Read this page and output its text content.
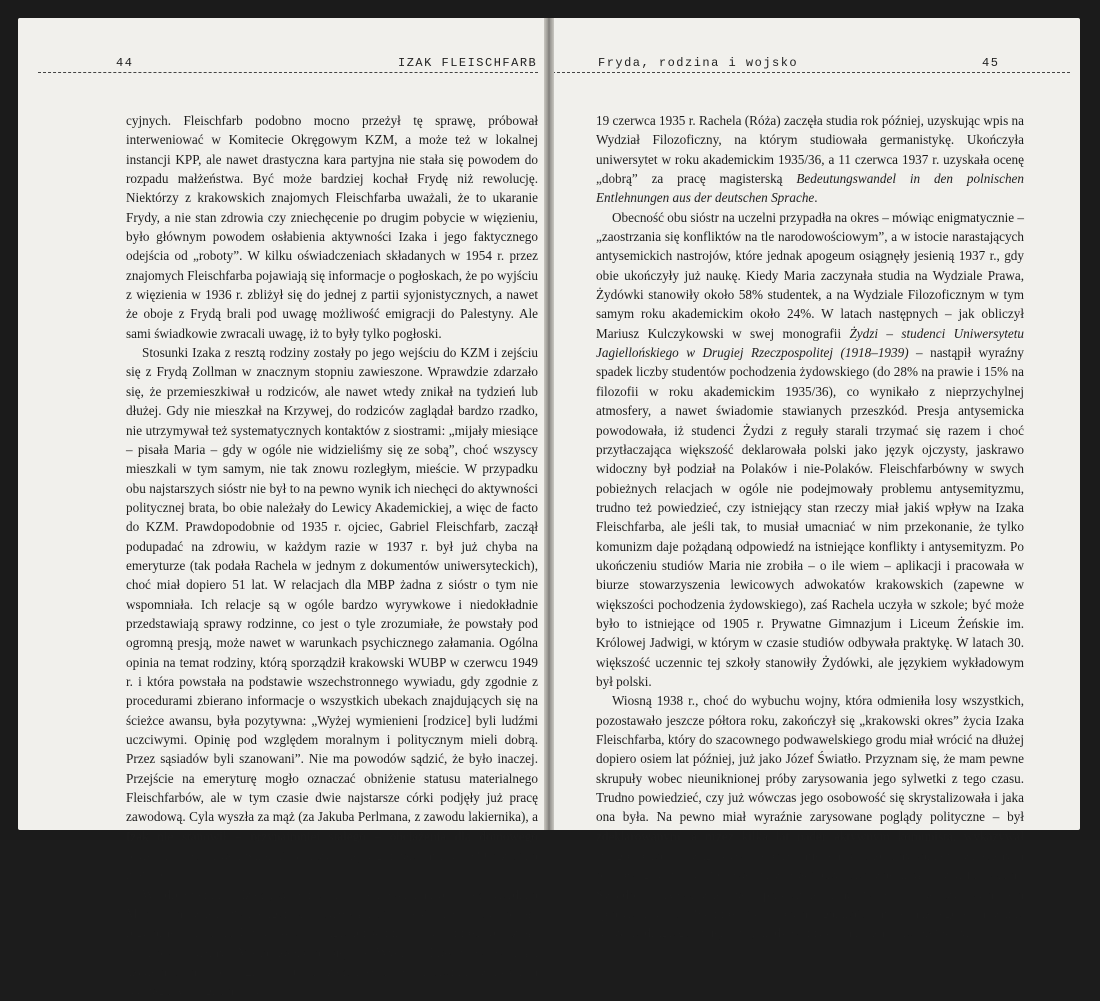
44	IZAK FLEISCHFARB

cyjnych. Fleischfarb podobno mocno przeżył tę sprawę, próbował interweniować w Komitecie Okręgowym KZM, a może też w lokalnej instancji KPP, ale nawet drastyczna kara partyjna nie stała się powodem do rozpadu małżeństwa. Być może bardziej kochał Frydę niż rewolucję. Niektórzy z krakowskich znajomych Fleischfarba uważali, że to ukaranie Frydy, a nie stan zdrowia czy zniechęcenie po drugim pobycie w więzieniu, było głównym powodem osłabienia aktywności Izaka i jego faktycznego odejścia od „roboty”. W kilku oświadczeniach składanych w 1954 r. przez znajomych Fleischfarba pojawiają się informacje o pogłoskach, że po wyjściu z więzienia w 1936 r. zbliżył się do jednej z partii syjonistycznych, a nawet że oboje z Frydą brali pod uwagę możliwość emigracji do Palestyny. Ale sami świadkowie zwracali uwagę, iż to były tylko pogłoski.

Stosunki Izaka z resztą rodziny zostały po jego wejściu do KZM i zejściu się z Frydą Zollman w znacznym stopniu zawieszone. Wprawdzie zdarzało się, że przemieszkiwał u rodziców, ale nawet wtedy znikał na tydzień lub dłużej. Gdy nie mieszkał na Krzywej, do rodziców zaglądał bardzo rzadko, nie utrzymywał też systematycznych kontaktów z siostrami: „mijały miesiące – pisała Maria – gdy w ogóle nie widzieliśmy się ze sobą”, choć wszyscy mieszkali w tym samym, nie tak znowu rozległym, mieście. W przypadku obu najstarszych sióstr nie był to na pewno wynik ich niechęci do aktywności politycznej brata, bo obie należały do Lewicy Akademickiej, a więc de facto do KZM. Prawdopodobnie od 1935 r. ojciec, Gabriel Fleischfarb, zaczął podupadać na zdrowiu, w każdym razie w 1937 r. był już chyba na emeryturze (tak podała Rachela w jednym z dokumentów uniwersyteckich), choć miał dopiero 51 lat. W relacjach dla MBP żadna z sióstr o tym nie wspomniała. Ich relacje są w ogóle bardzo wyrywkowe i niedokładnie przedstawiają sprawy rodzinne, co jest o tyle zrozumiałe, że powstały pod ogromną presją, może nawet w warunkach psychicznego załamania. Ogólna opinia na temat rodziny, którą sporządził krakowski WUBP w czerwcu 1949 r. i która powstała na podstawie wszechstronnego wywiadu, gdy zgodnie z procedurami zbierano informacje o wszystkich ubekach znajdujących się na ścieżce awansu, była pozytywna: „Wyżej wymienieni [rodzice] byli ludźmi uczciwymi. Opinię pod względem moralnym i politycznym mieli dobrą. Przez sąsiadów byli szanowani”. Nie ma powodów sądzić, że było inaczej. Przejście na emeryturę mogło oznaczać obniżenie statusu materialnego Fleischfarbów, ale w tym czasie dwie najstarsze córki podjęły już pracę zawodową. Cyla wyszła za mąż (za Jakuba Perlmana, z zawodu lakiernika), a Izak nie stanowił – przynajmniej stałego – obciążenia dla domowego budżetu. Pozostawała Sara, która uczyła się w gimnazjum i w 1939 r. zrobiła maturę.

W odróżnieniu od Izaka, który nie lubił się uczyć, a nawet – jak twierdziła Maria – miewał „antyinteligenckie” odzywki, obie najstarsze siostry podjęły regularne studia na Uniwersytecie Jagiellońskim, co było możliwe dzięki statusowi rodziny. Maria zapisała się na Wydział Prawniczy w roku akademickim 1931/32, a studia zakończyła po złożeniu wszystkich wymaganych egzaminów

Fryda, rodzina i wojsko	45

19 czerwca 1935 r. Rachela (Róża) zaczęła studia rok później, uzyskując wpis na Wydział Filozoficzny, na którym studiowała germanistykę. Ukończyła uniwersytet w roku akademickim 1935/36, a 11 czerwca 1937 r. uzyskała ocenę „dobrą” za pracę magisterską Bedeutungswandel in den polnischen Entlehnungen aus der deutschen Sprache.

Obecność obu sióstr na uczelni przypadła na okres – mówiąc enigmatycznie – „zaostrzania się konfliktów na tle narodowościowym”, a w istocie narastających antysemickich nastrojów, które jednak apogeum osiągnęły jesienią 1937 r., gdy obie ukończyły już naukę. Kiedy Maria zaczynała studia na Wydziale Prawa, Żydówki stanowiły około 58% studentek, a na Wydziale Filozoficznym w tym samym roku akademickim około 24%. W latach następnych – jak obliczył Mariusz Kulczykowski w swej monografii Żydzi – studenci Uniwersytetu Jagiellońskiego w Drugiej Rzeczpospolitej (1918–1939) – nastąpił wyraźny spadek liczby studentów pochodzenia żydowskiego (do 28% na prawie i 15% na filozofii w roku akademickim 1935/36), co wynikało z nieprzychylnej atmosfery, a nawet świadomie stawianych przeszkód. Presja antysemicka powodowała, iż studenci Żydzi z reguły starali trzymać się razem i choć przytłaczająca większość deklarowała polski jako język ojczysty, jaskrawo widoczny był podział na Polaków i nie-Polaków. Fleischfarbówny w swych pobieżnych relacjach w ogóle nie podejmowały problemu antysemityzmu, trudno też powiedzieć, czy istniejący stan rzeczy miał jakiś wpływ na Izaka Fleischfarba, ale jeśli tak, to musiał umacniać w nim przekonanie, że tylko komunizm daje pożądaną odpowiedź na istniejące konflikty i antysemityzm. Po ukończeniu studiów Maria nie zrobiła – o ile wiem – aplikacji i pracowała w biurze stowarzyszenia lewicowych adwokatów krakowskich (zapewne w większości pochodzenia żydowskiego), zaś Rachela uczyła w szkole; być może było to istniejące od 1905 r. Prywatne Gimnazjum i Liceum Żeńskie im. Królowej Jadwigi, w którym w czasie studiów odbywała praktykę. W latach 30. większość uczennic tej szkoły stanowiły Żydówki, ale językiem wykładowym był polski.

Wiosną 1938 r., choć do wybuchu wojny, która odmieniła losy wszystkich, pozostawało jeszcze półtora roku, zakończył się „krakowski okres” życia Izaka Fleischfarba, który do szacownego podwawelskiego grodu miał wrócić na dłużej dopiero osiem lat później, już jako Józef Światło. Przyznam się, że mam pewne skrupuły wobec nieuniknionej próby zarysowania jego sylwetki z tego czasu. Trudno powiedzieć, czy już wówczas jego osobowość się skrystalizowała i jaka ona była. Na pewno miał wyraźnie zarysowane poglądy polityczne – był zdeklarowanym, a przez kilka lat nader aktywnym komunistą, wykazywał swego rodzaju odwagę cywilną oraz umiejętność przełamywania wewnętrznych oporów, gdy np. występował na wiecach czy rozdawał ulotki przed fabrykami. Świadomie ryzykował mało przyjemne kontakty z policją czy wymiarem sprawiedliwości. Być może był dobrym organizatorem. Jednak jego zachowanie w czasie drugiego uwięzienia, kiedy wymyślał najróżniejsze preteksty,
